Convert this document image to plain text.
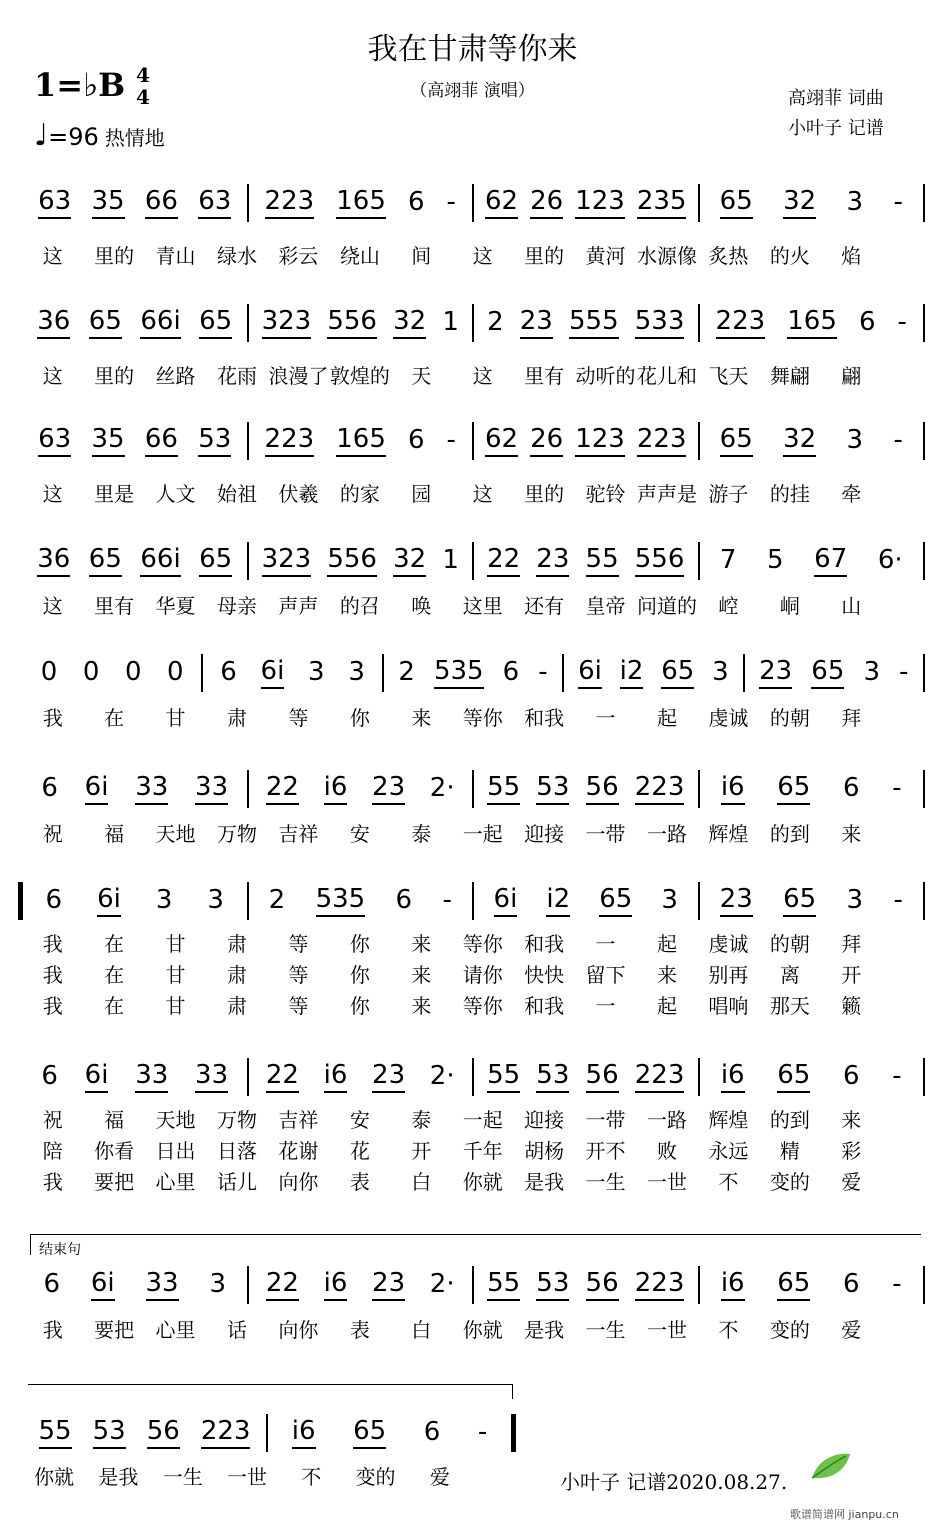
我在甘肃等你来
（高翊菲 演唱）	高翊菲 词曲
小叶子 记谱
1=♭B 4
4
♩=96 热情地
结束句
63 35 66 63 223 165 6 - 62 26 123 235 65 32 3 -
这	里的	青山	绿水	彩云	绕山	间	这	里的	黄河 水源像 炙热	的火	焰
36 65 66i 65 323 556 32 1 2 23 555 533 223 165 6 -
这	里的	丝路	花雨 浪漫了 敦煌的	天	这	里有 动听的 花儿和 飞天	舞翩	翩
63 35 66 53 223 165 6 - 62 26 123 223 65 32 3 -
这	里是	人文	始祖	伏羲	的家	园	这	里的	驼铃 声声是 游子	的挂	牵
36 65 66i 65 323 556 32 1 22 23 55 556 7 5 67 6·
这	里有	华夏	母亲	声声	的召	唤	这里	还有	皇帝 问道的	崆	峒	山
0 0 0 0 6 6i 3 3 2 535 6 - 6i i2 65 3 23 65 3 -
我	在	甘	肃	等	你	来	等你	和我	一	起	虔诚	的朝	拜
6 6i 33 33 22 i6 23 2· 55 53 56 223 i6 65 6 -
祝	福	天地	万物	吉祥	安	泰	一起	迎接	一带	一路	辉煌	的到	来
6 6i 3 3 2 535 6 - 6i i2 65 3 23 65 3 -
我	在	甘	肃	等	你	来	等你	和我	一	起	虔诚	的朝	拜
我	在	甘	肃	等	你	来	请你	快快	留下	来	别再	离	开
我	在	甘	肃	等	你	来	等你	和我	一	起	唱响	那天	籁
6 6i 33 33 22 i6 23 2· 55 53 56 223 i6 65 6 -
祝	福	天地	万物	吉祥	安	泰	一起	迎接	一带	一路	辉煌	的到	来
陪	你看	日出	日落	花谢	花	开	千年	胡杨	开不	败	永远	精	彩
我	要把	心里	话儿	向你	表	白	你就	是我	一生	一世	不	变的	爱
6 6i 33 3 22 i6 23 2· 55 53 56 223 i6 65 6 -
我	要把	心里	话	向你	表	白	你就	是我	一生	一世	不	变的	爱
55 53 56 223 i6 65 6 -
你就	是我	一生	一世	不	变的	爱	小叶子 记谱2020.08.27.
歌谱简谱网 jianpu.cn
